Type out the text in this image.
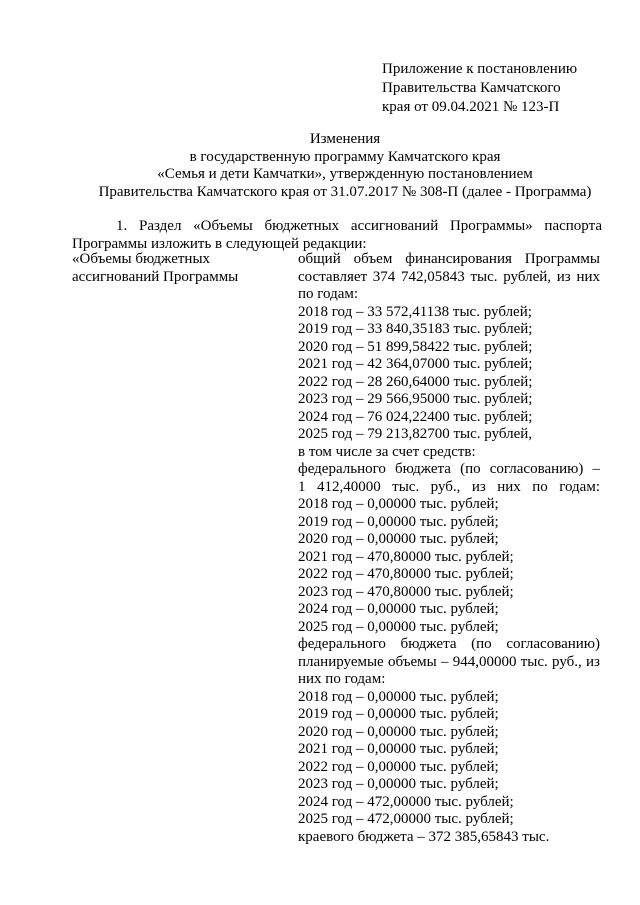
Приложение к постановлению
Правительства Камчатского
края от 09.04.2021 № 123-П
Изменения
в государственную программу Камчатского края
«Семья и дети Камчатки», утвержденную постановлением
Правительства Камчатского края от 31.07.2017 № 308-П (далее - Программа)
1. Раздел «Объемы бюджетных ассигнований Программы» паспорта
Программы изложить в следующей редакции:
«Объемы бюджетных
ассигнований Программы
общий объем финансирования Программы
составляет 374 742,05843 тыс. рублей, из них
по годам:
2018 год – 33 572,41138 тыс. рублей;
2019 год – 33 840,35183 тыс. рублей;
2020 год – 51 899,58422 тыс. рублей;
2021 год – 42 364,07000 тыс. рублей;
2022 год – 28 260,64000 тыс. рублей;
2023 год – 29 566,95000 тыс. рублей;
2024 год – 76 024,22400 тыс. рублей;
2025 год – 79 213,82700 тыс. рублей,
в том числе за счет средств:
федерального бюджета (по согласованию) –
1 412,40000 тыс. руб., из них по годам:
2018 год – 0,00000 тыс. рублей;
2019 год – 0,00000 тыс. рублей;
2020 год – 0,00000 тыс. рублей;
2021 год – 470,80000 тыс. рублей;
2022 год – 470,80000 тыс. рублей;
2023 год – 470,80000 тыс. рублей;
2024 год – 0,00000 тыс. рублей;
2025 год – 0,00000 тыс. рублей;
федерального бюджета (по согласованию)
планируемые объемы – 944,00000 тыс. руб., из
них по годам:
2018 год – 0,00000 тыс. рублей;
2019 год – 0,00000 тыс. рублей;
2020 год – 0,00000 тыс. рублей;
2021 год – 0,00000 тыс. рублей;
2022 год – 0,00000 тыс. рублей;
2023 год – 0,00000 тыс. рублей;
2024 год – 472,00000 тыс. рублей;
2025 год – 472,00000 тыс. рублей;
краевого бюджета – 372 385,65843 тыс.
